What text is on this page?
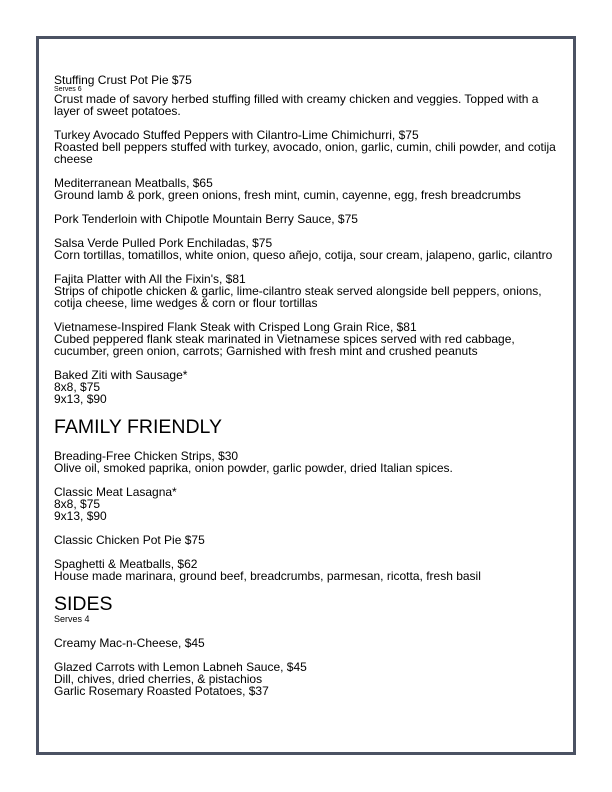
Stuffing Crust Pot Pie $75
Serves 6
Crust made of savory herbed stuffing filled with creamy chicken and veggies. Topped with a layer of sweet potatoes.
Turkey Avocado Stuffed Peppers with Cilantro-Lime Chimichurri, $75
Roasted bell peppers stuffed with turkey, avocado, onion, garlic, cumin, chili powder, and cotija cheese
Mediterranean Meatballs, $65
Ground lamb & pork, green onions, fresh mint, cumin, cayenne, egg, fresh breadcrumbs
Pork Tenderloin with Chipotle Mountain Berry Sauce, $75
Salsa Verde Pulled Pork Enchiladas, $75
Corn tortillas, tomatillos, white onion, queso añejo, cotija, sour cream, jalapeno, garlic, cilantro
Fajita Platter with All the Fixin's, $81
Strips of chipotle chicken & garlic, lime-cilantro steak served alongside bell peppers, onions, cotija cheese, lime wedges & corn or flour tortillas
Vietnamese-Inspired Flank Steak with Crisped Long Grain Rice, $81
Cubed peppered flank steak marinated in Vietnamese spices served with red cabbage, cucumber, green onion, carrots; Garnished with fresh mint and crushed peanuts
Baked Ziti with Sausage*
8x8, $75
9x13, $90
FAMILY FRIENDLY
Breading-Free Chicken Strips, $30
Olive oil, smoked paprika, onion powder, garlic powder, dried Italian spices.
Classic Meat Lasagna*
8x8, $75
9x13, $90
Classic Chicken Pot Pie $75
Spaghetti & Meatballs, $62
House made marinara, ground beef, breadcrumbs, parmesan, ricotta, fresh basil
SIDES
Serves 4
Creamy Mac-n-Cheese, $45
Glazed Carrots with Lemon Labneh Sauce, $45
Dill, chives, dried cherries, & pistachios
Garlic Rosemary Roasted Potatoes, $37
